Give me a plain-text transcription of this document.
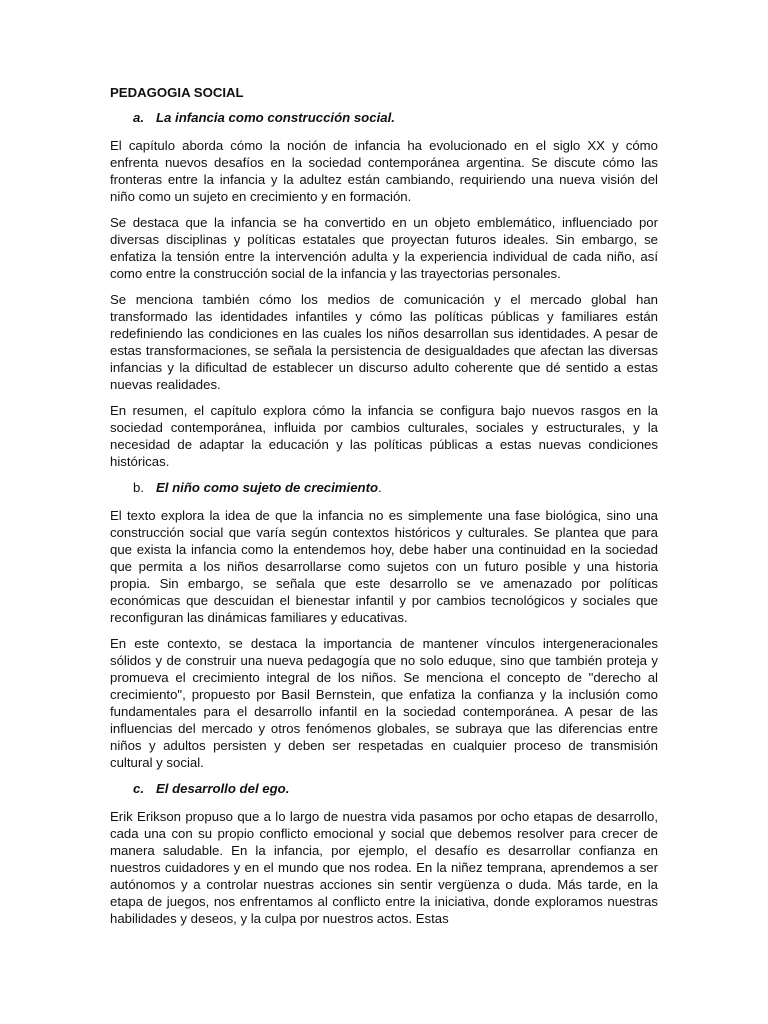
PEDAGOGIA SOCIAL
a. La infancia como construcción social.

El capítulo aborda cómo la noción de infancia ha evolucionado en el siglo XX y cómo enfrenta nuevos desafíos en la sociedad contemporánea argentina. Se discute cómo las fronteras entre la infancia y la adultez están cambiando, requiriendo una nueva visión del niño como un sujeto en crecimiento y en formación.

Se destaca que la infancia se ha convertido en un objeto emblemático, influenciado por diversas disciplinas y políticas estatales que proyectan futuros ideales. Sin embargo, se enfatiza la tensión entre la intervención adulta y la experiencia individual de cada niño, así como entre la construcción social de la infancia y las trayectorias personales.

Se menciona también cómo los medios de comunicación y el mercado global han transformado las identidades infantiles y cómo las políticas públicas y familiares están redefiniendo las condiciones en las cuales los niños desarrollan sus identidades. A pesar de estas transformaciones, se señala la persistencia de desigualdades que afectan las diversas infancias y la dificultad de establecer un discurso adulto coherente que dé sentido a estas nuevas realidades.

En resumen, el capítulo explora cómo la infancia se configura bajo nuevos rasgos en la sociedad contemporánea, influida por cambios culturales, sociales y estructurales, y la necesidad de adaptar la educación y las políticas públicas a estas nuevas condiciones históricas.

b. El niño como sujeto de crecimiento.

El texto explora la idea de que la infancia no es simplemente una fase biológica, sino una construcción social que varía según contextos históricos y culturales. Se plantea que para que exista la infancia como la entendemos hoy, debe haber una continuidad en la sociedad que permita a los niños desarrollarse como sujetos con un futuro posible y una historia propia. Sin embargo, se señala que este desarrollo se ve amenazado por políticas económicas que descuidan el bienestar infantil y por cambios tecnológicos y sociales que reconfiguran las dinámicas familiares y educativas.

En este contexto, se destaca la importancia de mantener vínculos intergeneracionales sólidos y de construir una nueva pedagogía que no solo eduque, sino que también proteja y promueva el crecimiento integral de los niños. Se menciona el concepto de "derecho al crecimiento", propuesto por Basil Bernstein, que enfatiza la confianza y la inclusión como fundamentales para el desarrollo infantil en la sociedad contemporánea. A pesar de las influencias del mercado y otros fenómenos globales, se subraya que las diferencias entre niños y adultos persisten y deben ser respetadas en cualquier proceso de transmisión cultural y social.

c. El desarrollo del ego.

Erik Erikson propuso que a lo largo de nuestra vida pasamos por ocho etapas de desarrollo, cada una con su propio conflicto emocional y social que debemos resolver para crecer de manera saludable. En la infancia, por ejemplo, el desafío es desarrollar confianza en nuestros cuidadores y en el mundo que nos rodea. En la niñez temprana, aprendemos a ser autónomos y a controlar nuestras acciones sin sentir vergüenza o duda. Más tarde, en la etapa de juegos, nos enfrentamos al conflicto entre la iniciativa, donde exploramos nuestras habilidades y deseos, y la culpa por nuestros actos. Estas
